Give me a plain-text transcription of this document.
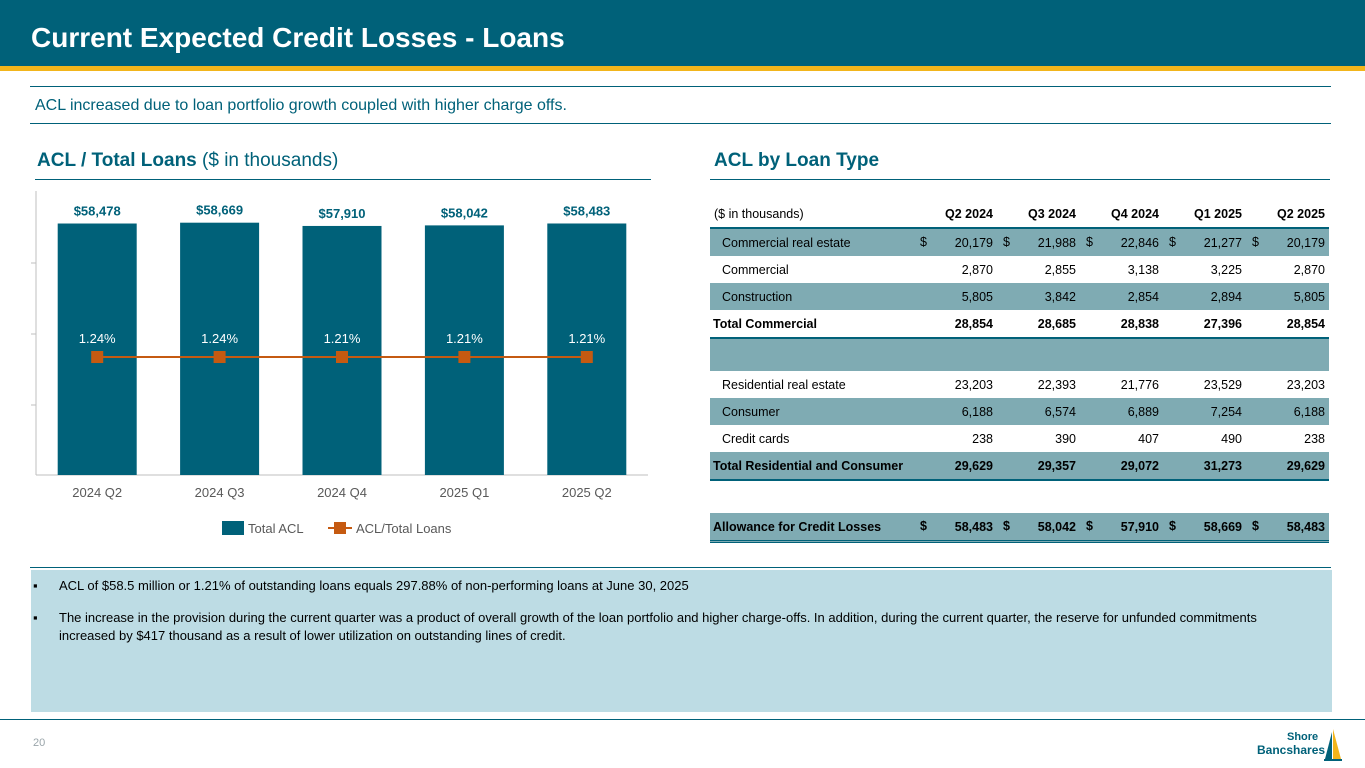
Current Expected Credit Losses - Loans
ACL increased due to loan portfolio growth coupled with higher charge offs.
ACL / Total Loans ($ in thousands)	ACL by Loan Type
$58,478
2024 Q2
$58,669
2024 Q3
$57,910
2024 Q4
$58,042
2025 Q1
$58,483
2025 Q2
1.24%	1.24%	1.21%	1.21%	1.21%
Total ACL	ACL/Total Loans
($ in thousands)	Q2 2024	Q3 2024	Q4 2024	Q1 2025	Q2 2025
Commercial real estate	$ 20,179	$ 21,988	$ 22,846	$ 21,277	$ 20,179
Commercial	2,870	2,855	3,138	3,225	2,870
Construction	5,805	3,842	2,854	2,894	5,805
Total Commercial	28,854	28,685	28,838	27,396	28,854

Residential real estate	23,203	22,393	21,776	23,529	23,203
Consumer	6,188	6,574	6,889	7,254	6,188
Credit cards	238	390	407	490	238
Total Residential and Consumer	29,629	29,357	29,072	31,273	29,629

Allowance for Credit Losses	$ 58,483	$ 58,042	$ 57,910	$ 58,669	$ 58,483
▪ ACL of $58.5 million or 1.21% of outstanding loans equals 297.88% of non-performing loans at June 30, 2025
▪ The increase in the provision during the current quarter was a product of overall growth of the loan portfolio and higher charge-offs. In addition, during the current quarter, the reserve for unfunded commitments increased by $417 thousand as a result of lower utilization on outstanding lines of credit.
20	Shore
Bancshares
